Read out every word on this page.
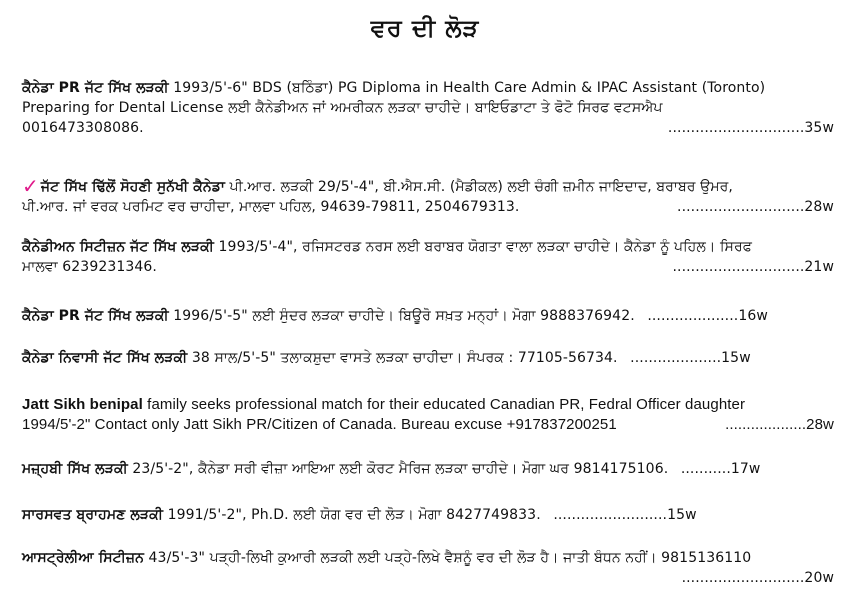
ਵਰ ਦੀ ਲੋੜ
ਕੈਨੇਡਾ PR ਜੱਟ ਸਿੱਖ ਲੜਕੀ 1993/5'-6" BDS (ਬਠਿੰਡਾ) PG Diploma in Health Care Admin & IPAC Assistant (Toronto) Preparing for Dental License ਲਈ ਕੈਨੇਡੀਅਨ ਜਾਂ ਅਮਰੀਕਨ ਲੜਕਾ ਚਾਹੀਦੇ। ਬਾਇਓਡਾਟਾ ਤੇ ਫੋਟੋ ਸਿਰਫ ਵਟਸਐਪ
0016473308086.	..............................35w
✓ ਜੱਟ ਸਿੱਖ ਢਿੱਲੋਂ ਸੋਹਣੀ ਸੁਨੱਖੀ ਕੈਨੇਡਾ ਪੀ.ਆਰ. ਲੜਕੀ 29/5'-4", ਬੀ.ਐਸ.ਸੀ. (ਮੈਡੀਕਲ) ਲਈ ਚੰਗੀ ਜ਼ਮੀਨ ਜਾਇਦਾਦ, ਬਰਾਬਰ ਉਮਰ,
ਪੀ.ਆਰ. ਜਾਂ ਵਰਕ ਪਰਮਿਟ ਵਰ ਚਾਹੀਦਾ, ਮਾਲਵਾ ਪਹਿਲ, 94639-79811, 2504679313.	............................28w
ਕੈਨੇਡੀਅਨ ਸਿਟੀਜ਼ਨ ਜੱਟ ਸਿੱਖ ਲੜਕੀ 1993/5'-4", ਰਜਿਸਟਰਡ ਨਰਸ ਲਈ ਬਰਾਬਰ ਯੋਗਤਾ ਵਾਲਾ ਲੜਕਾ ਚਾਹੀਦੇ। ਕੈਨੇਡਾ ਨੂੰ ਪਹਿਲ। ਸਿਰਫ
ਮਾਲਵਾ 6239231346.	.............................21w
ਕੈਨੇਡਾ PR ਜੱਟ ਸਿੱਖ ਲੜਕੀ 1996/5'-5" ਲਈ ਸੁੰਦਰ ਲੜਕਾ ਚਾਹੀਦੇ। ਬਿਊਰੋ ਸਖ਼ਤ ਮਨ੍ਹਾਂ। ਮੋਗਾ 9888376942. ....................16w
ਕੈਨੇਡਾ ਨਿਵਾਸੀ ਜੱਟ ਸਿੱਖ ਲੜਕੀ 38 ਸਾਲ/5'-5" ਤਲਾਕਸ਼ੁਦਾ ਵਾਸਤੇ ਲੜਕਾ ਚਾਹੀਦਾ। ਸੰਪਰਕ : 77105-56734. ....................15w
Jatt Sikh benipal family seeks professional match for their educated Canadian PR, Fedral Officer daughter
1994/5'-2" Contact only Jatt Sikh PR/Citizen of Canada. Bureau excuse +917837200251	...................28w
ਮਜ਼੍ਹਬੀ ਸਿੱਖ ਲੜਕੀ 23/5'-2", ਕੈਨੇਡਾ ਸਰੀ ਵੀਜ਼ਾ ਆਇਆ ਲਈ ਕੋਰਟ ਮੈਰਿਜ ਲੜਕਾ ਚਾਹੀਦੇ। ਮੋਗਾ ਘਰ 9814175106. ...........17w
ਸਾਰਸਵਤ ਬ੍ਰਾਹਮਣ ਲੜਕੀ 1991/5'-2", Ph.D. ਲਈ ਯੋਗ ਵਰ ਦੀ ਲੋੜ। ਮੋਗਾ 8427749833. .........................15w
ਆਸਟ੍ਰੇਲੀਆ ਸਿਟੀਜ਼ਨ 43/5'-3" ਪੜ੍ਹੀ-ਲਿਖੀ ਕੁਆਰੀ ਲੜਕੀ ਲਈ ਪੜ੍ਹੇ-ਲਿਖੇ ਵੈਸ਼ਨੂੰ ਵਰ ਦੀ ਲੋੜ ਹੈ। ਜਾਤੀ ਬੰਧਨ ਨਹੀਂ। 9815136110
...........................20w
